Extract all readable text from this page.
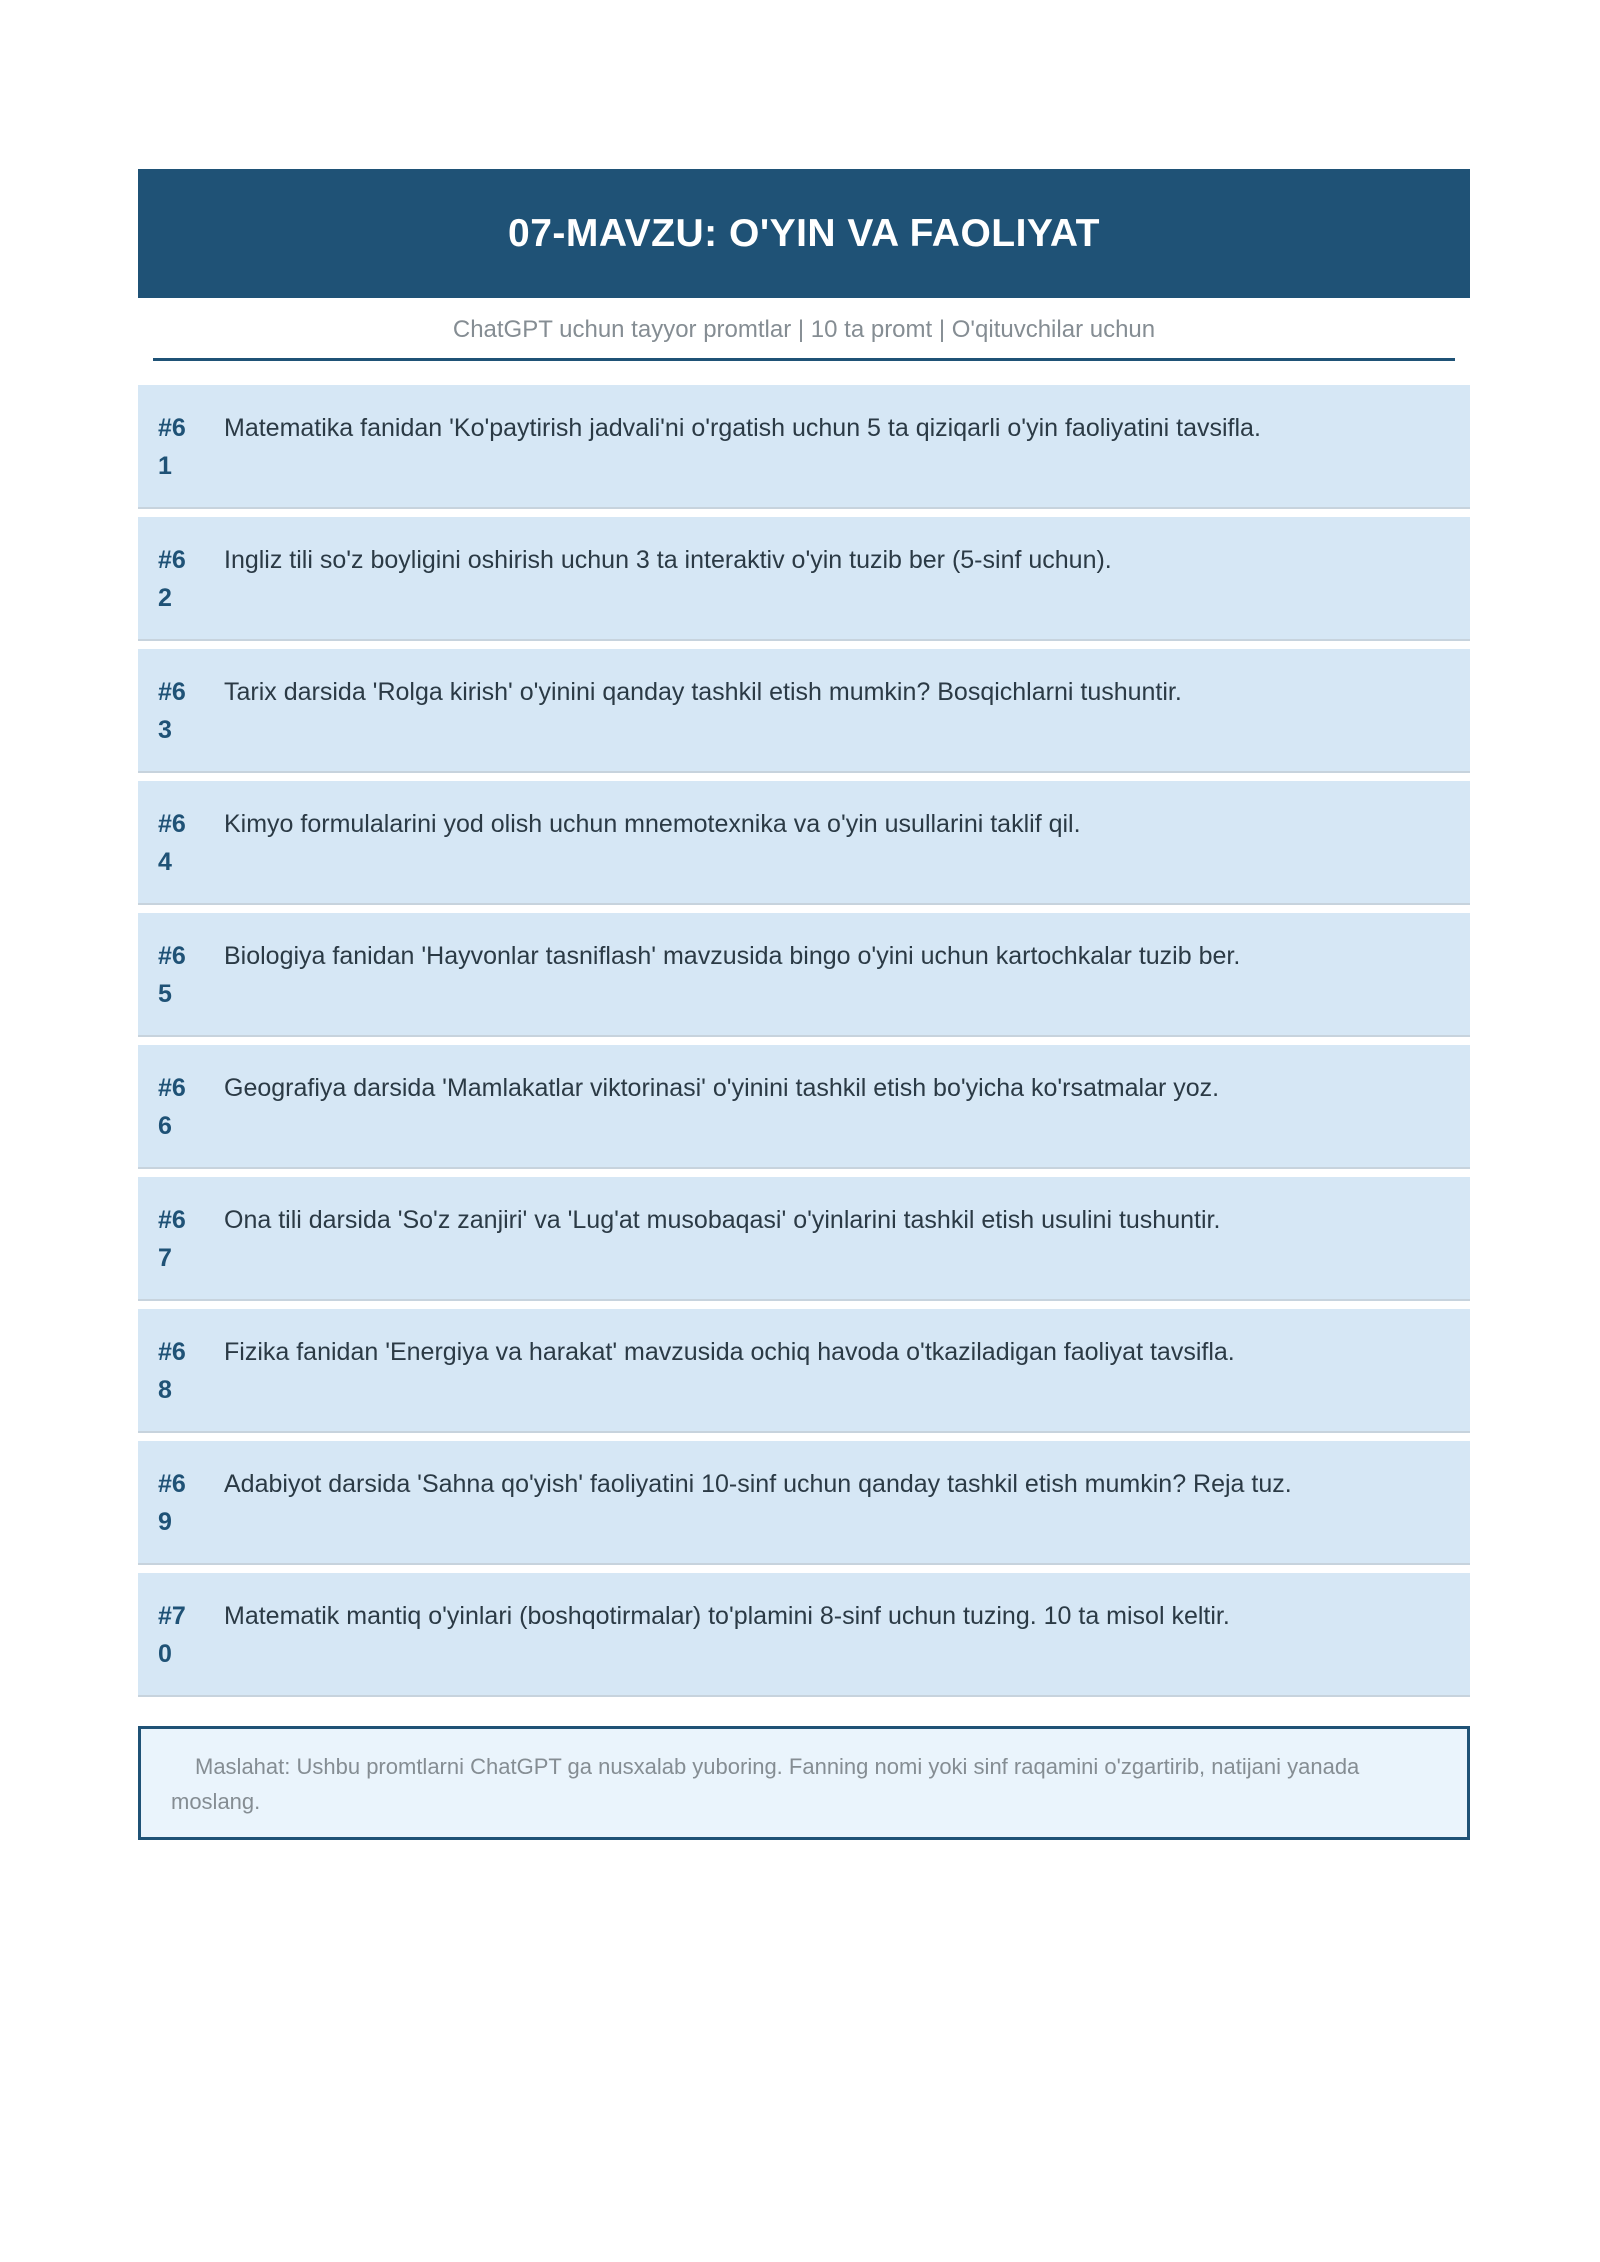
07-MAVZU: O'YIN VA FAOLIYAT
ChatGPT uchun tayyor promtlar | 10 ta promt | O'qituvchilar uchun
#61
Matematika fanidan 'Ko'paytirish jadvali'ni o'rgatish uchun 5 ta qiziqarli o'yin faoliyatini tavsifla.
#62
Ingliz tili so'z boyligini oshirish uchun 3 ta interaktiv o'yin tuzib ber (5-sinf uchun).
#63
Tarix darsida 'Rolga kirish' o'yinini qanday tashkil etish mumkin? Bosqichlarni tushuntir.
#64
Kimyo formulalarini yod olish uchun mnemotexnika va o'yin usullarini taklif qil.
#65
Biologiya fanidan 'Hayvonlar tasniflash' mavzusida bingo o'yini uchun kartochkalar tuzib ber.
#66
Geografiya darsida 'Mamlakatlar viktorinasi' o'yinini tashkil etish bo'yicha ko'rsatmalar yoz.
#67
Ona tili darsida 'So'z zanjiri' va 'Lug'at musobaqasi' o'yinlarini tashkil etish usulini tushuntir.
#68
Fizika fanidan 'Energiya va harakat' mavzusida ochiq havoda o'tkaziladigan faoliyat tavsifla.
#69
Adabiyot darsida 'Sahna qo'yish' faoliyatini 10-sinf uchun qanday tashkil etish mumkin? Reja tuz.
#70
Matematik mantiq o'yinlari (boshqotirmalar) to'plamini 8-sinf uchun tuzing. 10 ta misol keltir.
Maslahat: Ushbu promtlarni ChatGPT ga nusxalab yuboring. Fanning nomi yoki sinf raqamini o'zgartirib, natijani yanada moslang.
